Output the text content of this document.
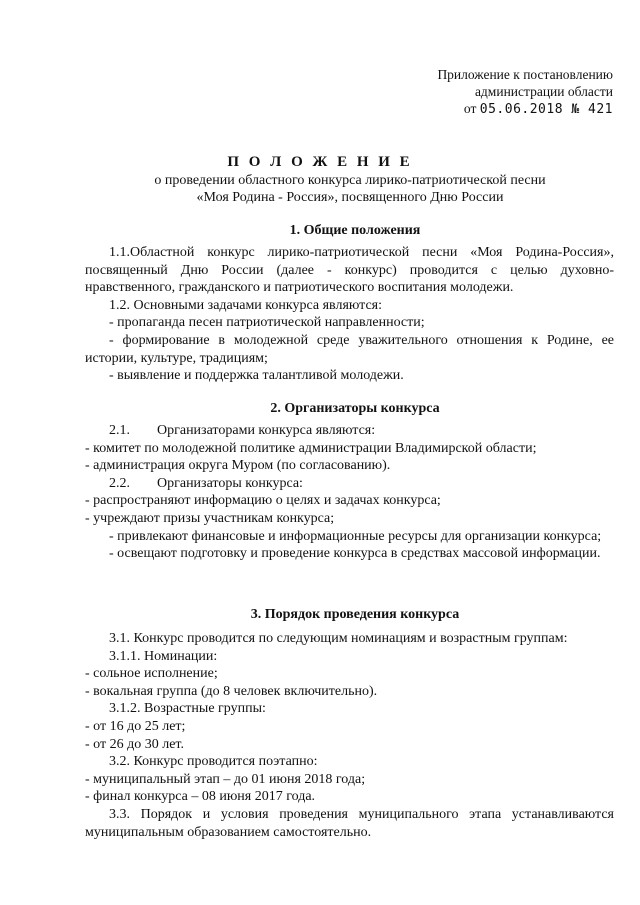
Приложение к постановлению
администрации области
от 05.06.2018 № 421
П О Л О Ж Е Н И Е
о проведении областного конкурса лирико-патриотической песни
«Моя Родина - Россия», посвященного Дню России
1. Общие положения

1.1.Областной конкурс лирико-патриотической песни «Моя Родина-Россия», посвященный Дню России (далее - конкурс) проводится с целью духовно-нравственного, гражданского и патриотического воспитания молодежи.

1.2. Основными задачами конкурса являются:

- пропаганда песен патриотической направленности;

- формирование в молодежной среде уважительного отношения к Родине, ее истории, культуре, традициям;

- выявление и поддержка талантливой молодежи.

2. Организаторы конкурса

2.1. Организаторами конкурса являются:

- комитет по молодежной политике администрации Владимирской области;

- администрация округа Муром (по согласованию).

2.2. Организаторы конкурса:

- распространяют информацию о целях и задачах конкурса;

- учреждают призы участникам конкурса;

- привлекают финансовые и информационные ресурсы для организации конкурса;

- освещают подготовку и проведение конкурса в средствах массовой информации.

3. Порядок проведения конкурса

3.1. Конкурс проводится по следующим номинациям и возрастным группам:

3.1.1. Номинации:

- сольное исполнение;

- вокальная группа (до 8 человек включительно).

3.1.2. Возрастные группы:

- от 16 до 25 лет;

- от 26 до 30 лет.

3.2. Конкурс проводится поэтапно:

- муниципальный этап – до 01 июня 2018 года;

- финал конкурса – 08 июня 2017 года.

3.3. Порядок и условия проведения муниципального этапа устанавливаются муниципальным образованием самостоятельно.
